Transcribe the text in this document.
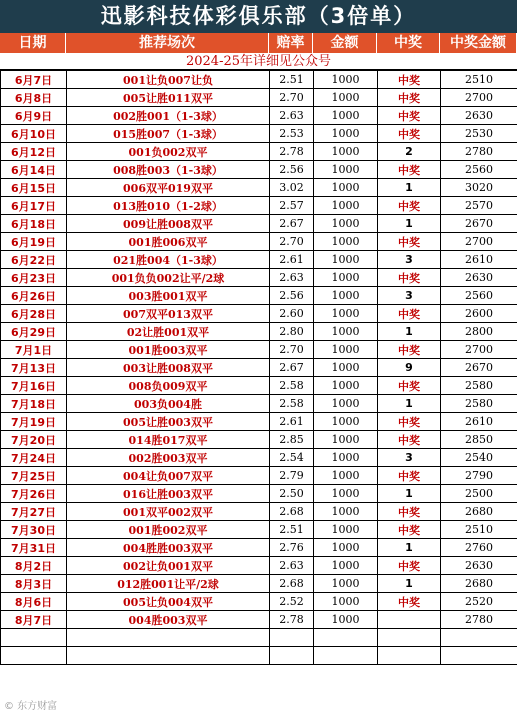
迅影科技体彩俱乐部（3倍单）
日期	推荐场次	赔率	金额	中奖	中奖金额
2024-25年详细见公众号
6月7日	001让负007让负	2.51	1000	中奖	2510
6月8日	005让胜011双平	2.70	1000	中奖	2700
6月9日	002胜001（1-3球）	2.63	1000	中奖	2630
6月10日	015胜007（1-3球）	2.53	1000	中奖	2530
6月12日	001负002双平	2.78	1000	2	2780
6月14日	008胜003（1-3球）	2.56	1000	中奖	2560
6月15日	006双平019双平	3.02	1000	1	3020
6月17日	013胜010（1-2球）	2.57	1000	中奖	2570
6月18日	009让胜008双平	2.67	1000	1	2670
6月19日	001胜006双平	2.70	1000	中奖	2700
6月22日	021胜004（1-3球）	2.61	1000	3	2610
6月23日	001负负002让平/2球	2.63	1000	中奖	2630
6月26日	003胜001双平	2.56	1000	3	2560
6月28日	007双平013双平	2.60	1000	中奖	2600
6月29日	02让胜001双平	2.80	1000	1	2800
7月1日	001胜003双平	2.70	1000	中奖	2700
7月13日	003让胜008双平	2.67	1000	9	2670
7月16日	008负009双平	2.58	1000	中奖	2580
7月18日	003负004胜	2.58	1000	1	2580
7月19日	005让胜003双平	2.61	1000	中奖	2610
7月20日	014胜017双平	2.85	1000	中奖	2850
7月24日	002胜003双平	2.54	1000	3	2540
7月25日	004让负007双平	2.79	1000	中奖	2790
7月26日	016让胜003双平	2.50	1000	1	2500
7月27日	001双平002双平	2.68	1000	中奖	2680
7月30日	001胜002双平	2.51	1000	中奖	2510
7月31日	004胜胜003双平	2.76	1000	1	2760
8月2日	002让负001双平	2.63	1000	中奖	2630
8月3日	012胜001让平/2球	2.68	1000	1	2680
8月6日	005让负004双平	2.52	1000	中奖	2520
8月7日	004胜003双平	2.78	1000		2780

© 东方财富
